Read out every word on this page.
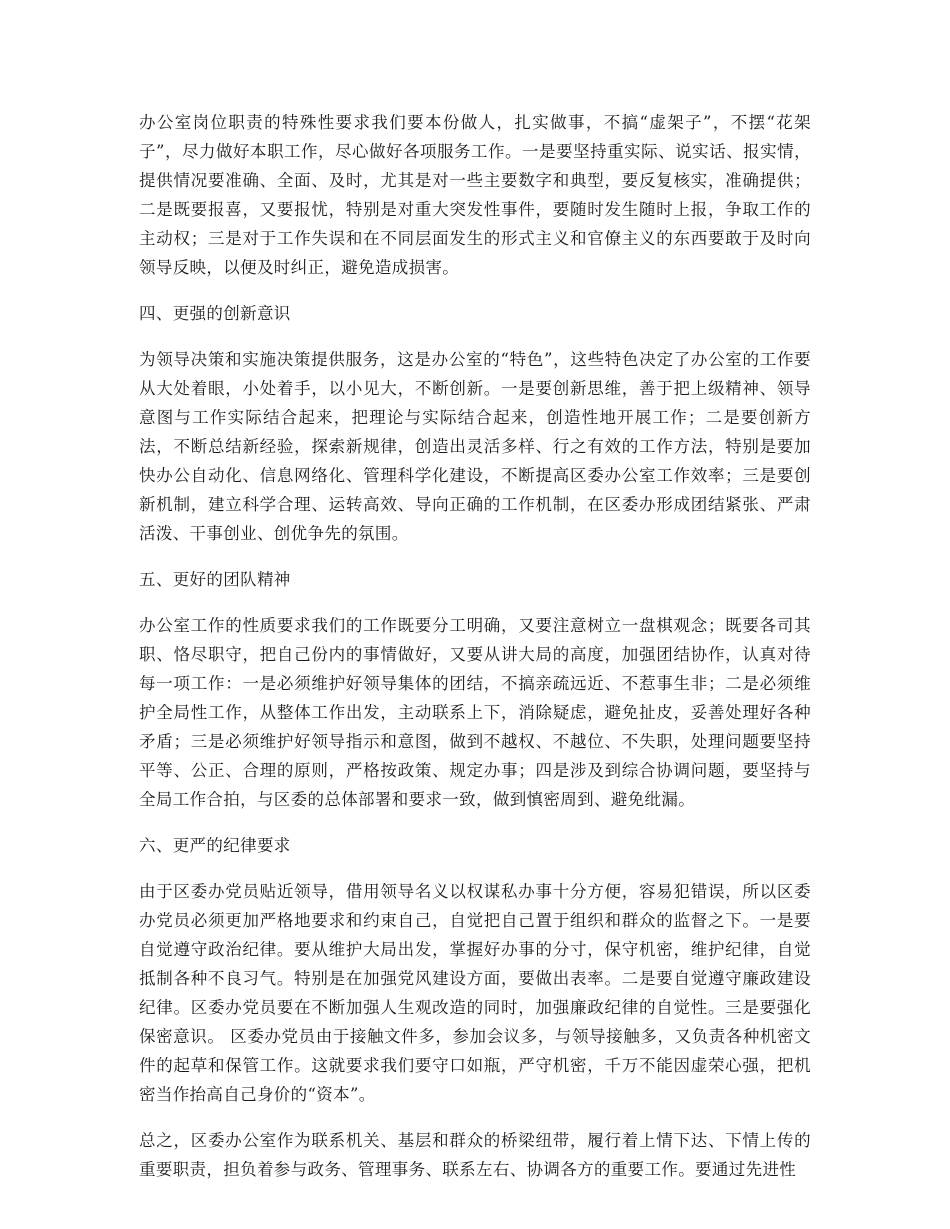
办公室岗位职责的特殊性要求我们要本份做人，扎实做事，不搞“虚架子”，不摆“花架子”，尽力做好本职工作，尽心做好各项服务工作。一是要坚持重实际、说实话、报实情，提供情况要准确、全面、及时，尤其是对一些主要数字和典型，要反复核实，准确提供；二是既要报喜，又要报忧，特别是对重大突发性事件，要随时发生随时上报，争取工作的主动权；三是对于工作失误和在不同层面发生的形式主义和官僚主义的东西要敢于及时向领导反映，以便及时纠正，避免造成损害。

四、更强的创新意识

为领导决策和实施决策提供服务，这是办公室的“特色”，这些特色决定了办公室的工作要从大处着眼，小处着手，以小见大，不断创新。一是要创新思维，善于把上级精神、领导意图与工作实际结合起来，把理论与实际结合起来，创造性地开展工作；二是要创新方法，不断总结新经验，探索新规律，创造出灵活多样、行之有效的工作方法，特别是要加快办公自动化、信息网络化、管理科学化建设，不断提高区委办公室工作效率；三是要创新机制，建立科学合理、运转高效、导向正确的工作机制，在区委办形成团结紧张、严肃活泼、干事创业、创优争先的氛围。

五、更好的团队精神

办公室工作的性质要求我们的工作既要分工明确，又要注意树立一盘棋观念；既要各司其职、恪尽职守，把自己份内的事情做好，又要从讲大局的高度，加强团结协作，认真对待每一项工作：一是必须维护好领导集体的团结，不搞亲疏远近、不惹事生非；二是必须维护全局性工作，从整体工作出发，主动联系上下，消除疑虑，避免扯皮，妥善处理好各种矛盾；三是必须维护好领导指示和意图，做到不越权、不越位、不失职，处理问题要坚持平等、公正、合理的原则，严格按政策、规定办事；四是涉及到综合协调问题，要坚持与全局工作合拍，与区委的总体部署和要求一致，做到慎密周到、避免纰漏。

六、更严的纪律要求

由于区委办党员贴近领导，借用领导名义以权谋私办事十分方便，容易犯错误，所以区委办党员必须更加严格地要求和约束自己，自觉把自己置于组织和群众的监督之下。一是要自觉遵守政治纪律。要从维护大局出发，掌握好办事的分寸，保守机密，维护纪律，自觉抵制各种不良习气。特别是在加强党风建设方面，要做出表率。二是要自觉遵守廉政建设纪律。区委办党员要在不断加强人生观改造的同时，加强廉政纪律的自觉性。三是要强化保密意识。 区委办党员由于接触文件多，参加会议多，与领导接触多，又负责各种机密文件的起草和保管工作。这就要求我们要守口如瓶，严守机密，千万不能因虚荣心强，把机密当作抬高自己身价的“资本”。

总之，区委办公室作为联系机关、基层和群众的桥梁纽带，履行着上情下达、下情上传的重要职责，担负着参与政务、管理事务、联系左右、协调各方的重要工作。要通过先进性
